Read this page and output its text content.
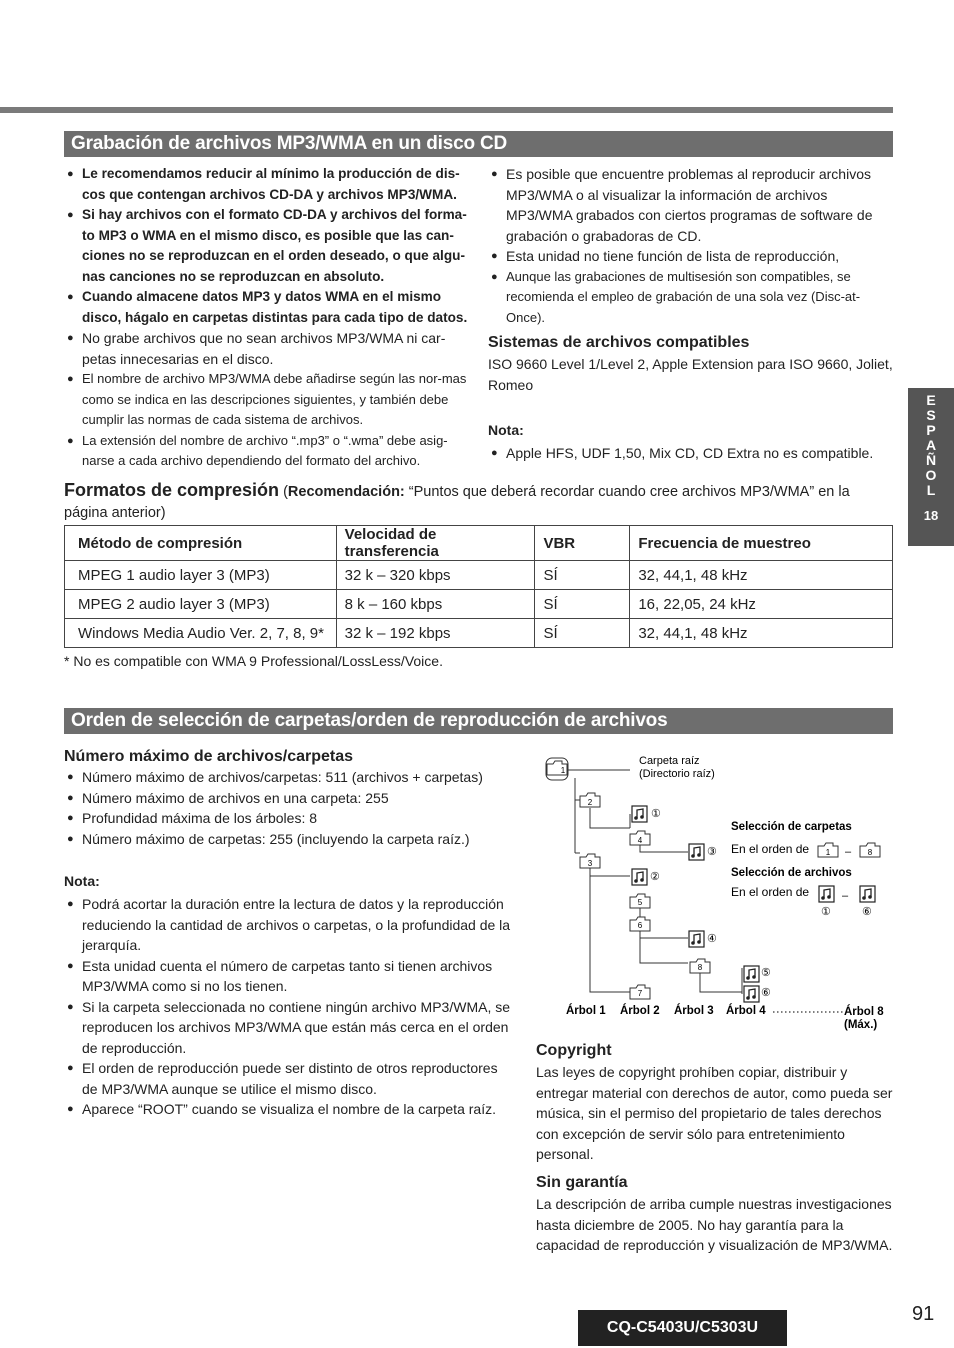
Grabación de archivos MP3/WMA en un disco CD
● Le recomendamos reducir al mínimo la producción de dis-cos que contengan archivos CD-DA y archivos MP3/WMA.
● Si hay archivos con el formato CD-DA y archivos del forma-to MP3 o WMA en el mismo disco, es posible que las can-ciones no se reproduzcan en el orden deseado, o que algu-nas canciones no se reproduzcan en absoluto.
● Cuando almacene datos MP3 y datos WMA en el mismo disco, hágalo en carpetas distintas para cada tipo de datos.
● No grabe archivos que no sean archivos MP3/WMA ni car-petas innecesarias en el disco.
● El nombre de archivo MP3/WMA debe añadirse según las nor-mas como se indica en las descripciones siguientes, y también debe cumplir las normas de cada sistema de archivos.
● La extensión del nombre de archivo “.mp3” o “.wma” debe asig-narse a cada archivo dependiendo del formato del archivo.
● Es posible que encuentre problemas al reproducir archivos MP3/WMA o al visualizar la información de archivos MP3/WMA grabados con ciertos programas de software de grabación o grabadoras de CD.
● Esta unidad no tiene función de lista de reproducción,
● Aunque las grabaciones de multisesión son compatibles, se recomienda el empleo de grabación de una sola vez (Disc-at-Once).
Sistemas de archivos compatibles
ISO 9660 Level 1/Level 2, Apple Extension para ISO 9660, Joliet, Romeo
Nota:
● Apple HFS, UDF 1,50, Mix CD, CD Extra no es compatible.
Formatos de compresión (Recomendación: “Puntos que deberá recordar cuando cree archivos MP3/WMA” en la página anterior)
Método de compresión	Velocidad de transferencia	VBR	Frecuencia de muestreo
MPEG 1 audio layer 3 (MP3)	32 k – 320 kbps	SÍ	32, 44,1, 48 kHz
MPEG 2 audio layer 3 (MP3)	8 k – 160 kbps	SÍ	16, 22,05, 24 kHz
Windows Media Audio Ver. 2, 7, 8, 9*	32 k – 192 kbps	SÍ	32, 44,1, 48 kHz
* No es compatible con WMA 9 Professional/LossLess/Voice.
Orden de selección de carpetas/orden de reproducción de archivos
Número máximo de archivos/carpetas
● Número máximo de archivos/carpetas: 511 (archivos + carpetas)
● Número máximo de archivos en una carpeta: 255
● Profundidad máxima de los árboles: 8
● Número máximo de carpetas: 255 (incluyendo la carpeta raíz.)
Nota:
● Podrá acortar la duración entre la lectura de datos y la reproducción reduciendo la cantidad de archivos o carpetas, o la profundidad de la jerarquía.
● Esta unidad cuenta el número de carpetas tanto si tienen archivos MP3/WMA como si no los tienen.
● Si la carpeta seleccionada no contiene ningún archivo MP3/WMA, se reproducen los archivos MP3/WMA que están más cerca en el orden de reproducción.
● El orden de reproducción puede ser distinto de otros reproductores de MP3/WMA aunque se utilice el mismo disco.
● Aparece “ROOT” cuando se visualiza el nombre de la carpeta raíz.
1
Carpeta raíz
(Directorio raíz)
2
①
4
③
3
②
5
6
④
8	⑤
⑥
7
Selección de carpetas
En el orden de 1 – 8
Selección de archivos
En el orden de
①
–
⑥
Árbol 1 Árbol 2 Árbol 3 Árbol 4	Árbol 8
(Máx.)
Copyright
Las leyes de copyright prohíben copiar, distribuir y entregar material con derechos de autor, como pueda ser música, sin el permiso del propietario de tales derechos con excepción de servir sólo para entretenimiento personal.
Sin garantía
La descripción de arriba cumple nuestras investigaciones hasta diciembre de 2005. No hay garantía para la capacidad de reproducción y visualización de MP3/WMA.
E
S
P
A
Ñ
O
L
18
CQ-C5403U/C5303U
91
